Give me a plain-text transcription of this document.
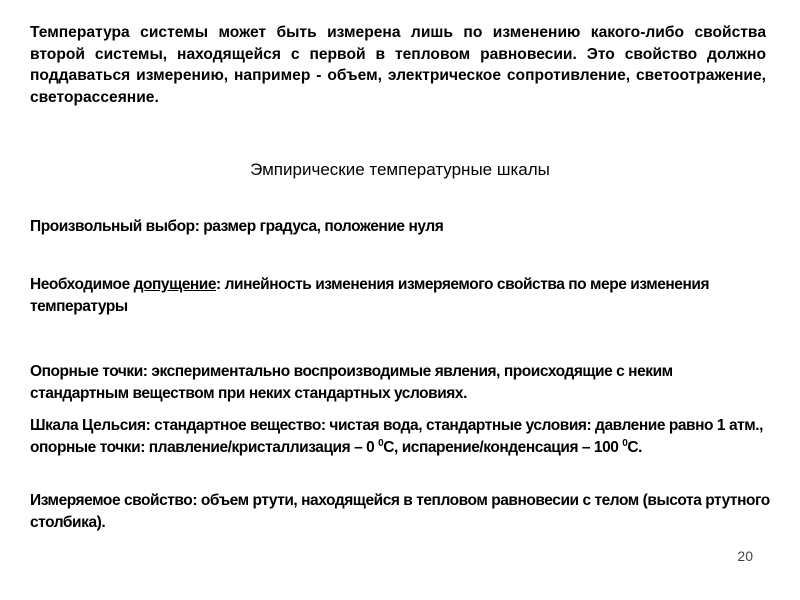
Температура системы может быть измерена лишь по изменению какого-либо свойства второй системы, находящейся с первой в тепловом равновесии. Это свойство должно поддаваться измерению, например - объем, электрическое сопротивление, светоотражение, светорассеяние.

Эмпирические температурные шкалы

Произвольный выбор: размер градуса, положение нуля

Необходимое допущение: линейность изменения измеряемого свойства по мере изменения температуры

Опорные точки: экспериментально воспроизводимые явления, происходящие с неким стандартным веществом при неких стандартных условиях.

Шкала Цельсия: стандартное вещество: чистая вода, стандартные условия: давление равно 1 атм., опорные точки: плавление/кристаллизация – 0 $^0$С, испарение/конденсация – 100 $^0$С.

Измеряемое свойство: объем ртути, находящейся в тепловом равновесии с телом (высота ртутного столбика).

20
